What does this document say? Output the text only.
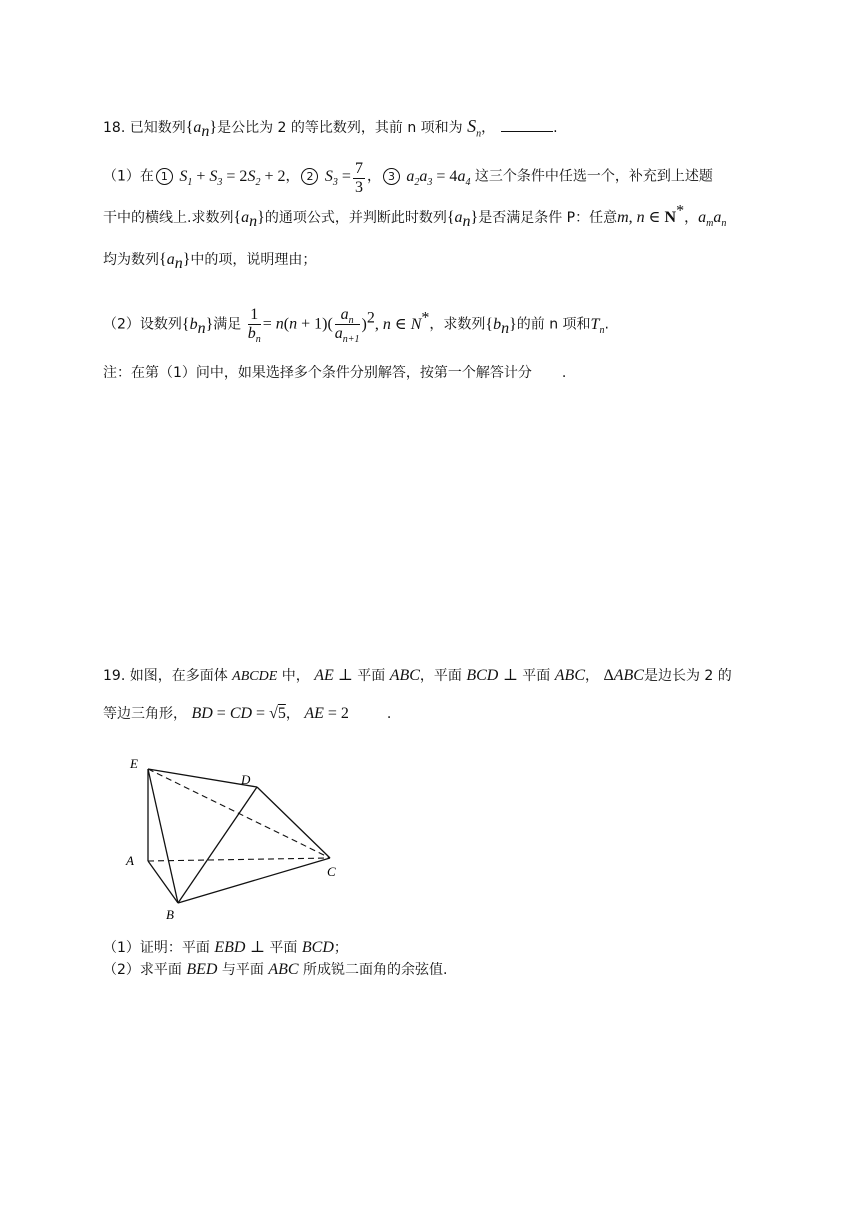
18. 已知数列$\{a_n\}$是公比为 2 的等比数列，其前 n 项和为 $S_n$，	.
（1）在 1 $S_1 + S_3 = 2S_2 + 2$， 2 $S_3 = \frac{7}{3}$ ， 3 $a_2a_3 = 4a_4$ 这三个条件中任选一个，补充到上述题
干中的横线上.求数列$\{a_n\}$的通项公式，并判断此时数列$\{a_n\}$是否满足条件 P：任意m, n ∈ N*，$a_ma_n$
均为数列$\{a_n\}$中的项，说明理由；
（2）设数列$\{b_n\}$满足 $\frac{1}{b_n} = n(n + 1)( \frac{a_n}{a_{n+1}} )^2$, n ∈ N*，求数列$\{b_n\}$的前 n 项和$T_n$.
注：在第（1）问中，如果选择多个条件分别解答，按第一个解答计分 .
19. 如图，在多面体 ABCDE 中， AE ⊥ 平面 ABC，平面 BCD ⊥ 平面 ABC， ΔABC是边长为 2 的
等边三角形， BD = CD = √5， AE = 2	.
E
D
A
C
B
（1）证明：平面 EBD ⊥ 平面 BCD；
（2）求平面 BED 与平面 ABC 所成锐二面角的余弦值.
